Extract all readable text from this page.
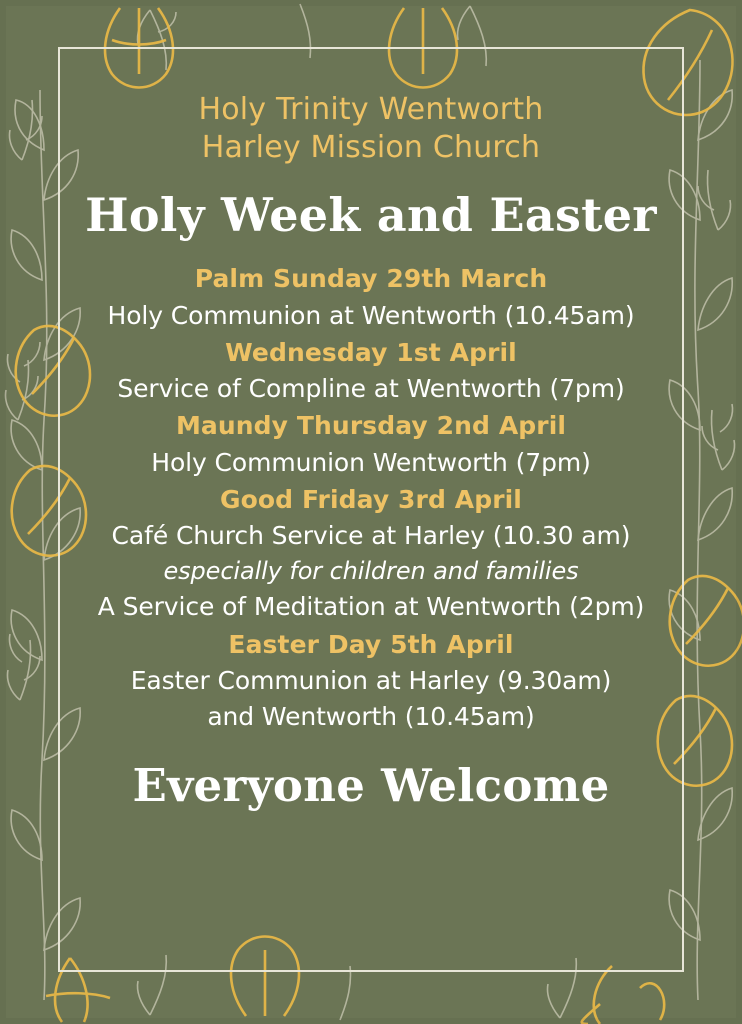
Holy Trinity Wentworth
Harley Mission Church
Holy Week and Easter
Palm Sunday 29th March
Holy Communion at Wentworth (10.45am)
Wednesday 1st April
Service of Compline at Wentworth (7pm)
Maundy Thursday 2nd April
Holy Communion Wentworth (7pm)
Good Friday 3rd April
Café Church Service at Harley (10.30 am)
especially for children and families
A Service of Meditation at Wentworth (2pm)
Easter Day 5th April
Easter Communion at Harley (9.30am)
and Wentworth (10.45am)
Everyone Welcome
